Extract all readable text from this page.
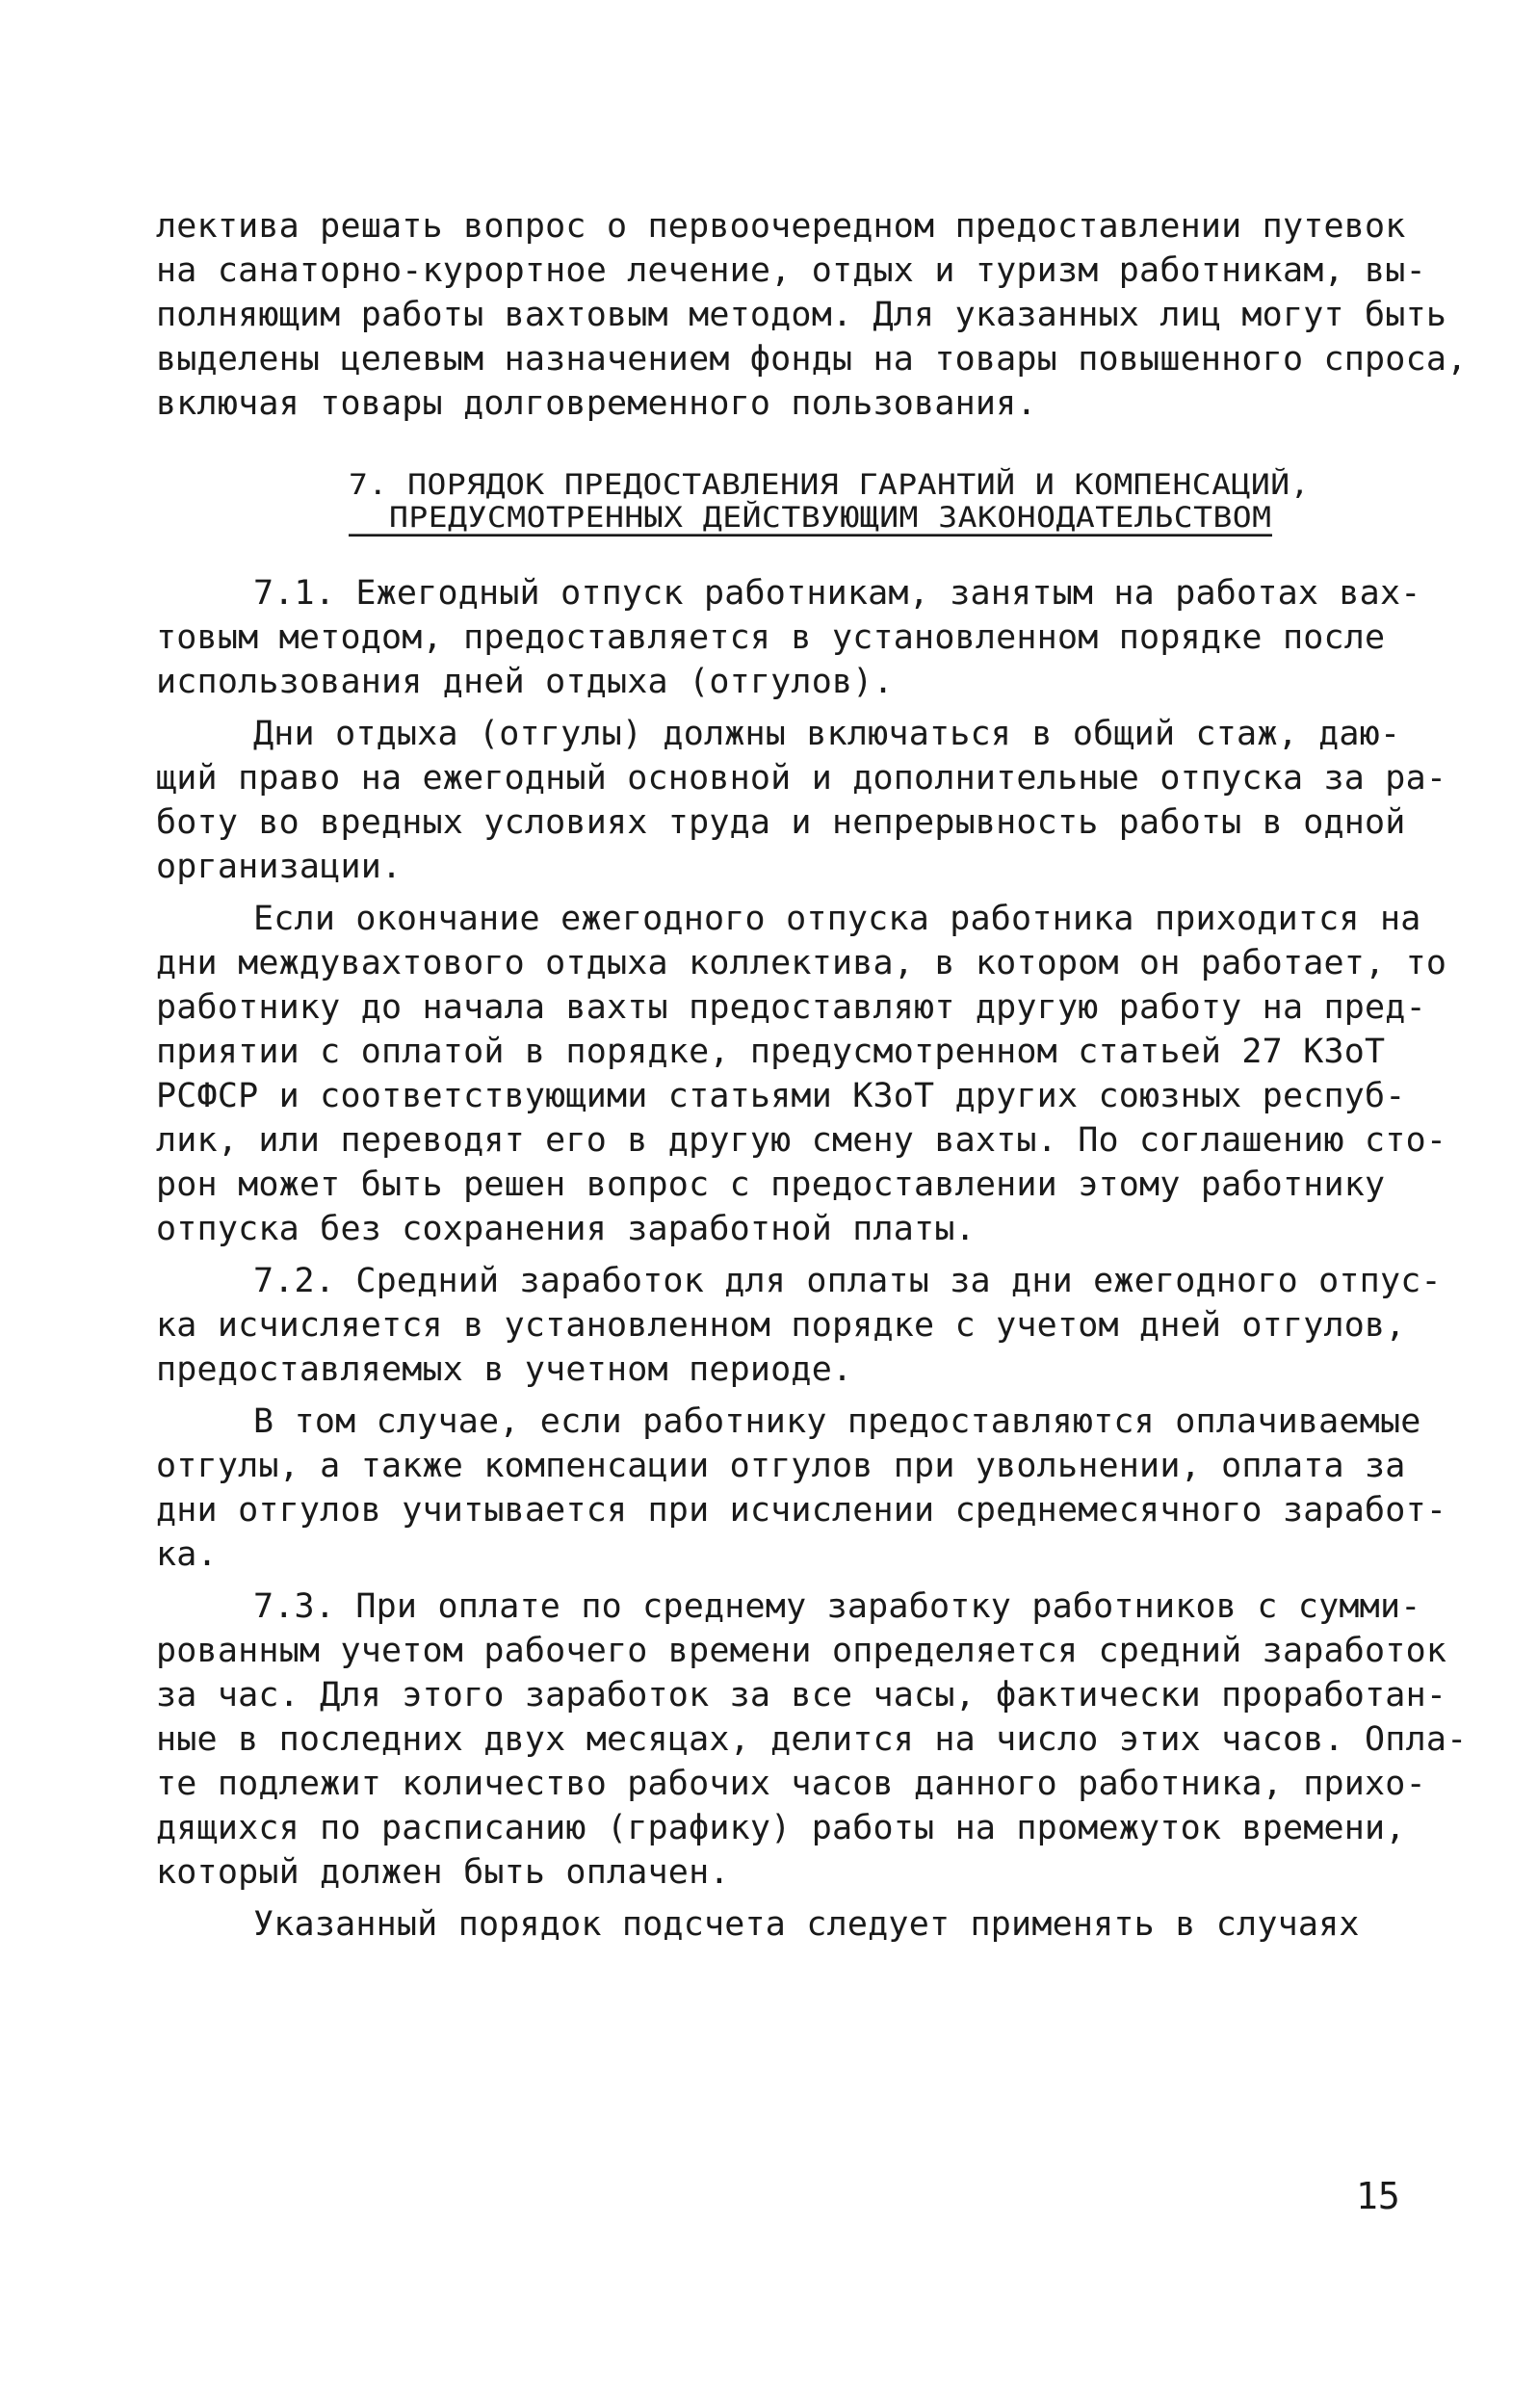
лектива решать вопрос о первоочередном предоставлении путевок
на санаторно-курортное лечение, отдых и туризм работникам, вы-
полняющим работы вахтовым методом. Для указанных лиц могут быть
выделены целевым назначением фонды на товары повышенного спроса,
включая товары долговременного пользования.
7. ПОРЯДОК ПРЕДОСТАВЛЕНИЯ ГАРАНТИЙ И КОМПЕНСАЦИЙ,
ПРЕДУСМОТРЕННЫХ ДЕЙСТВУЮЩИМ ЗАКОНОДАТЕЛЬСТВОМ
7.1. Ежегодный отпуск работникам, занятым на работах вах-
товым методом, предоставляется в установленном порядке после
использования дней отдыха (отгулов).
Дни отдыха (отгулы) должны включаться в общий стаж, даю-
щий право на ежегодный основной и дополнительные отпуска за ра-
боту во вредных условиях труда и непрерывность работы в одной
организации.
Если окончание ежегодного отпуска работника приходится на
дни междувахтового отдыха коллектива, в котором он работает, то
работнику до начала вахты предоставляют другую работу на пред-
приятии с оплатой в порядке, предусмотренном статьей 27 КЗоТ
РСФСР и соответствующими статьями КЗоТ других союзных респуб-
лик, или переводят его в другую смену вахты. По соглашению сто-
рон может быть решен вопрос с предоставлении этому работнику
отпуска без сохранения заработной платы.
7.2. Средний заработок для оплаты за дни ежегодного отпус-
ка исчисляется в установленном порядке с учетом дней отгулов,
предоставляемых в учетном периоде.
В том случае, если работнику предоставляются оплачиваемые
отгулы, а также компенсации отгулов при увольнении, оплата за
дни отгулов учитывается при исчислении среднемесячного заработ-
ка.
7.3. При оплате по среднему заработку работников с сумми-
рованным учетом рабочего времени определяется средний заработок
за час. Для этого заработок за все часы, фактически проработан-
ные в последних двух месяцах, делится на число этих часов. Опла-
те подлежит количество рабочих часов данного работника, прихо-
дящихся по расписанию (графику) работы на промежуток времени,
который должен быть оплачен.
Указанный порядок подсчета следует применять в случаях
15
